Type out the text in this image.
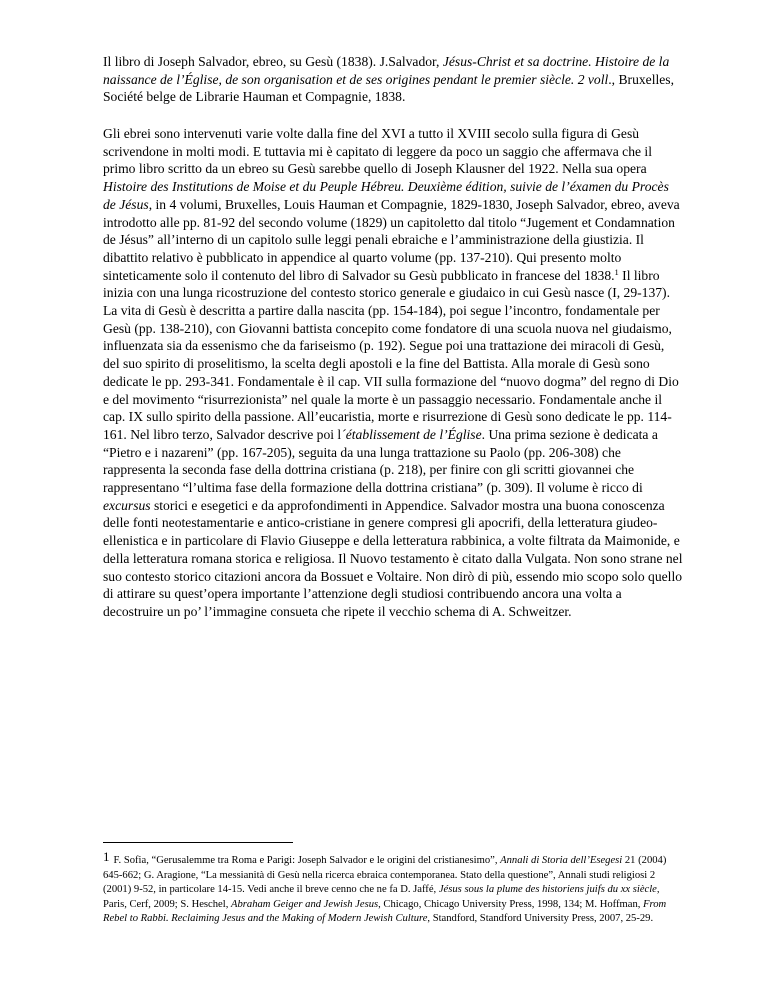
Il libro di Joseph Salvador, ebreo, su Gesù (1838). J.Salvador, Jésus-Christ et sa doctrine. Histoire de la naissance de l’Église, de son organisation et de ses origines pendant le premier siècle. 2 voll., Bruxelles, Société belge de Librarie Hauman et Compagnie, 1838.

Gli ebrei sono intervenuti varie volte dalla fine del XVI a tutto il XVIII secolo sulla figura di Gesù scrivendone in molti modi. E tuttavia mi è capitato di leggere da poco un saggio che affermava che il primo libro scritto da un ebreo su Gesù sarebbe quello di Joseph Klausner del 1922. Nella sua opera Histoire des Institutions de Moise et du Peuple Hébreu. Deuxième édition, suivie de l’éxamen du Procès de Jésus, in 4 volumi, Bruxelles, Louis Hauman et Compagnie, 1829-1830, Joseph Salvador, ebreo, aveva introdotto alle pp. 81-92 del secondo volume (1829) un capitoletto dal titolo “Jugement et Condamnation de Jésus” all’interno di un capitolo sulle leggi penali ebraiche e l’amministrazione della giustizia. Il dibattito relativo è pubblicato in appendice al quarto volume (pp. 137-210). Qui presento molto sinteticamente solo il contenuto del libro di Salvador su Gesù pubblicato in francese del 1838.$^1$ Il libro inizia con una lunga ricostruzione del contesto storico generale e giudaico in cui Gesù nasce (I, 29-137). La vita di Gesù è descritta a partire dalla nascita (pp. 154-184), poi segue l’incontro, fondamentale per Gesù (pp. 138-210), con Giovanni battista concepito come fondatore di una scuola nuova nel giudaismo, influenzata sia da essenismo che da fariseismo (p. 192). Segue poi una trattazione dei miracoli di Gesù, del suo spirito di proselitismo, la scelta degli apostoli e la fine del Battista. Alla morale di Gesù sono dedicate le pp. 293-341. Fondamentale è il cap. VII sulla formazione del “nuovo dogma” del regno di Dio e del movimento “risurrezionista” nel quale la morte è un passaggio necessario. Fondamentale anche il cap. IX sullo spirito della passione. All’eucaristia, morte e risurrezione di Gesù sono dedicate le pp. 114-161. Nel libro terzo, Salvador descrive poi l´établissement de l’Église. Una prima sezione è dedicata a “Pietro e i nazareni” (pp. 167-205), seguita da una lunga trattazione su Paolo (pp. 206-308) che rappresenta la seconda fase della dottrina cristiana (p. 218), per finire con gli scritti giovannei che rappresentano “l’ultima fase della formazione della dottrina cristiana” (p. 309). Il volume è ricco di excursus storici e esegetici e da approfondimenti in Appendice. Salvador mostra una buona conoscenza delle fonti neotestamentarie e antico-cristiane in genere compresi gli apocrifi, della letteratura giudeo-ellenistica e in particolare di Flavio Giuseppe e della letteratura rabbinica, a volte filtrata da Maimonide, e della letteratura romana storica e religiosa. Il Nuovo testamento è citato dalla Vulgata. Non sono strane nel suo contesto storico citazioni ancora da Bossuet e Voltaire. Non dirò di più, essendo mio scopo solo quello di attirare su quest’opera importante l’attenzione degli studiosi contribuendo ancora una volta a decostruire un po’ l’immagine consueta che ripete il vecchio schema di A. Schweitzer.

1 F. Sofia, “Gerusalemme tra Roma e Parigi: Joseph Salvador e le origini del cristianesimo”, Annali di Storia dell’Esegesi 21 (2004) 645-662; G. Aragione, “La messianità di Gesù nella ricerca ebraica contemporanea. Stato della questione”, Annali studi religiosi 2 (2001) 9-52, in particolare 14-15. Vedi anche il breve cenno che ne fa D. Jaffé, Jésus sous la plume des historiens juifs du xx siècle, Paris, Cerf, 2009; S. Heschel, Abraham Geiger and Jewish Jesus, Chicago, Chicago University Press, 1998, 134; M. Hoffman, From Rebel to Rabbi. Reclaiming Jesus and the Making of Modern Jewish Culture, Standford, Standford University Press, 2007, 25-29.
